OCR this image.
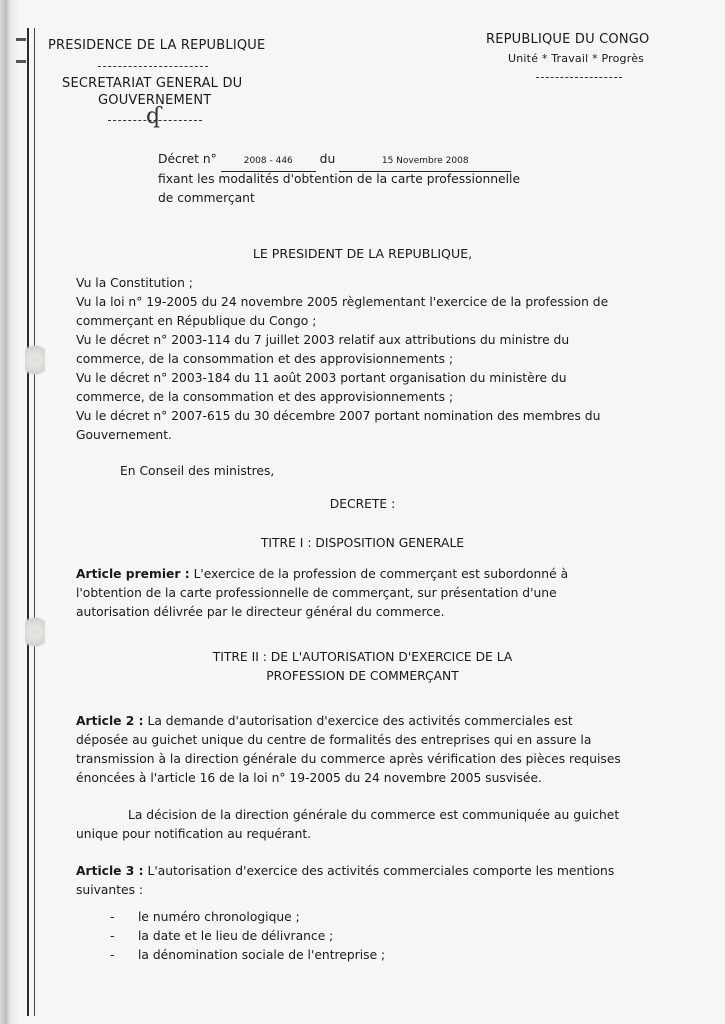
PRESIDENCE DE LA REPUBLIQUE
SECRETARIAT GENERAL DU
GOUVERNEMENT
ʠ
REPUBLIQUE DU CONGO
Unité * Travail * Progrès
Décret n°	2008 - 446 du	15 Novembre 2008
fixant les modalités d'obtention de la carte professionnelle
de commerçant
LE PRESIDENT DE LA REPUBLIQUE,
Vu la Constitution ;
Vu la loi n° 19-2005 du 24 novembre 2005 règlementant l'exercice de la profession de
commerçant en République du Congo ;
Vu le décret n° 2003-114 du 7 juillet 2003 relatif aux attributions du ministre du
commerce, de la consommation et des approvisionnements ;
Vu le décret n° 2003-184 du 11 août 2003 portant organisation du ministère du
commerce, de la consommation et des approvisionnements ;
Vu le décret n° 2007-615 du 30 décembre 2007 portant nomination des membres du
Gouvernement.
En Conseil des ministres,
DECRETE :
TITRE I : DISPOSITION GENERALE
Article premier : L'exercice de la profession de commerçant est subordonné à
l'obtention de la carte professionnelle de commerçant, sur présentation d'une
autorisation délivrée par le directeur général du commerce.
TITRE II : DE L'AUTORISATION D'EXERCICE DE LA
PROFESSION DE COMMERÇANT
Article 2 : La demande d'autorisation d'exercice des activités commerciales est
déposée au guichet unique du centre de formalités des entreprises qui en assure la
transmission à la direction générale du commerce après vérification des pièces requises
énoncées à l'article 16 de la loi n° 19-2005 du 24 novembre 2005 susvisée.
La décision de la direction générale du commerce est communiquée au guichet
unique pour notification au requérant.
Article 3 : L'autorisation d'exercice des activités commerciales comporte les mentions
suivantes :
- le numéro chronologique ;
- la date et le lieu de délivrance ;
- la dénomination sociale de l'entreprise ;
